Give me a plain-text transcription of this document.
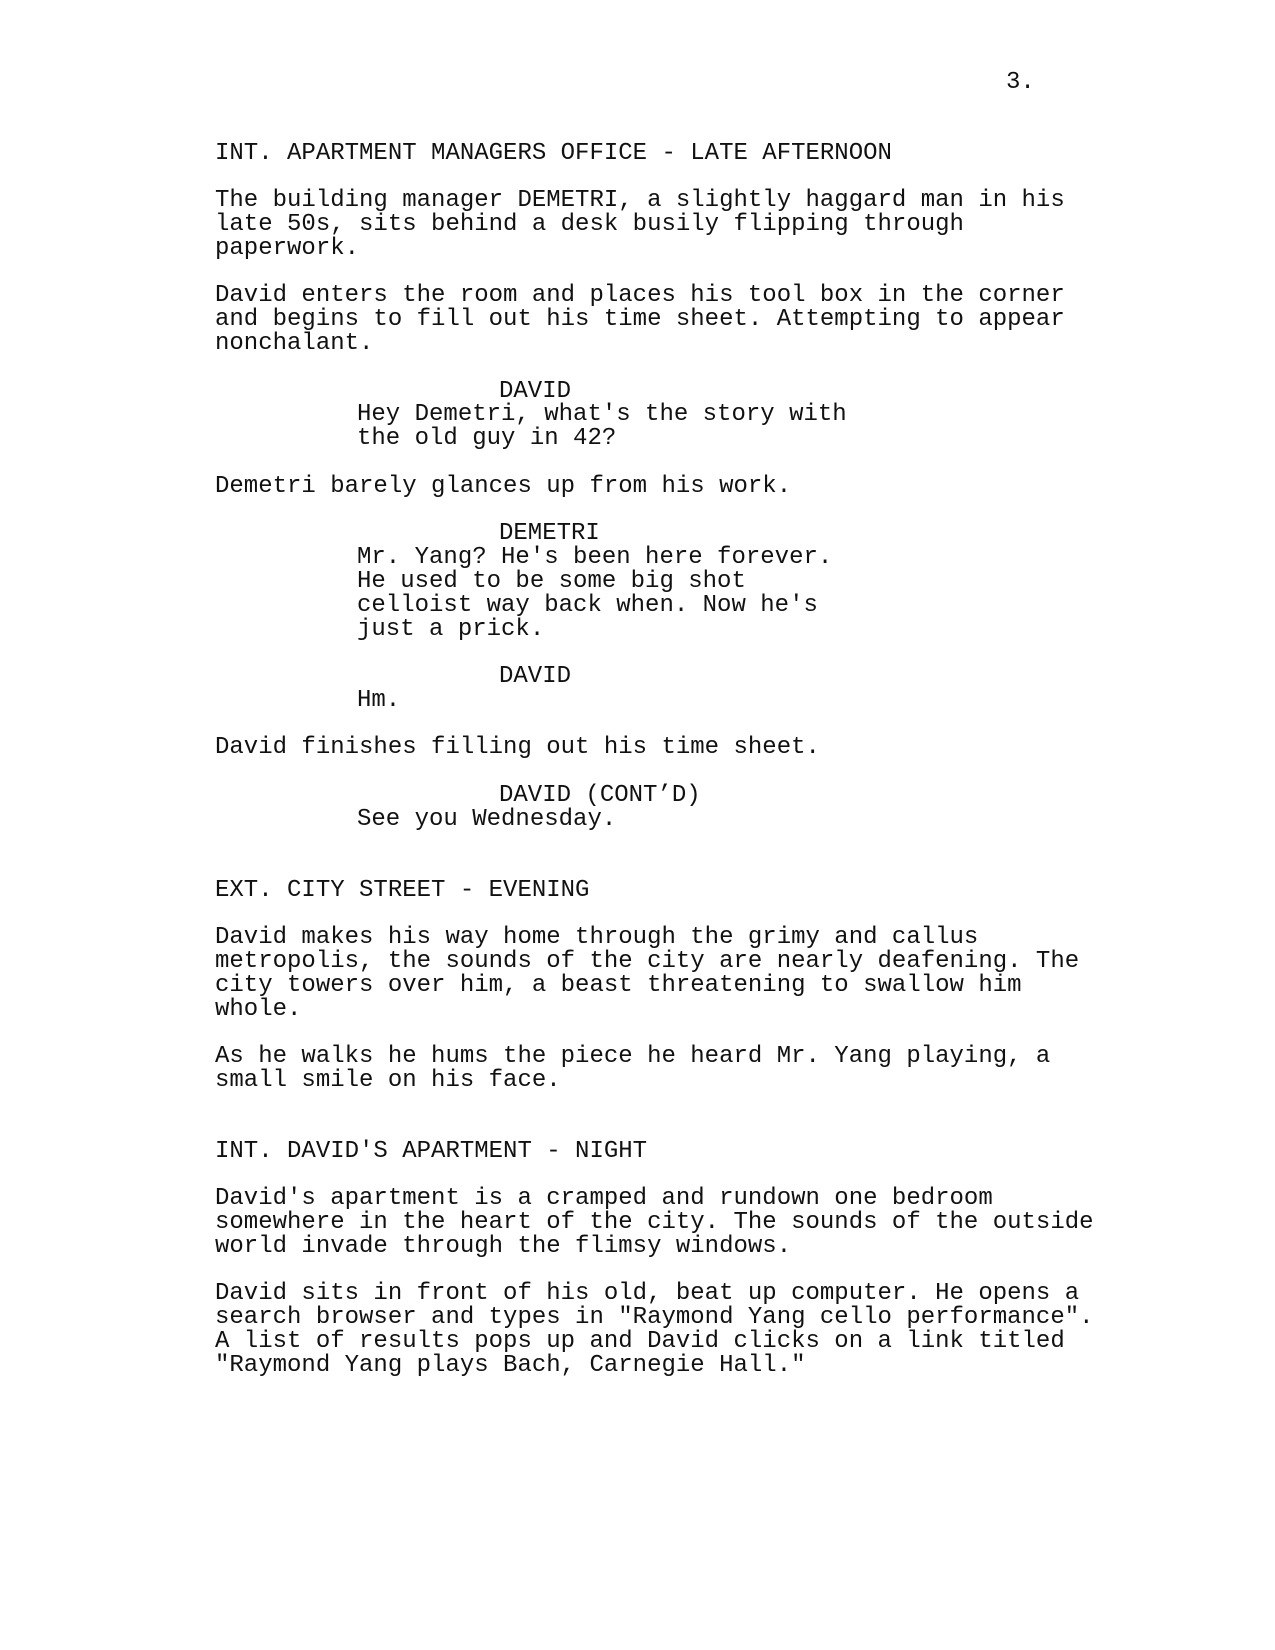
3.
INT. APARTMENT MANAGERS OFFICE - LATE AFTERNOON
The building manager DEMETRI, a slightly haggard man in his
late 50s, sits behind a desk busily flipping through
paperwork.
David enters the room and places his tool box in the corner
and begins to fill out his time sheet. Attempting to appear
nonchalant.
DAVID
Hey Demetri, what's the story with
the old guy in 42?
Demetri barely glances up from his work.
DEMETRI
Mr. Yang? He's been here forever.
He used to be some big shot
celloist way back when. Now he's
just a prick.
DAVID
Hm.
David finishes filling out his time sheet.
DAVID (CONT’D)
See you Wednesday.
EXT. CITY STREET - EVENING
David makes his way home through the grimy and callus
metropolis, the sounds of the city are nearly deafening. The
city towers over him, a beast threatening to swallow him
whole.
As he walks he hums the piece he heard Mr. Yang playing, a
small smile on his face.
INT. DAVID'S APARTMENT - NIGHT
David's apartment is a cramped and rundown one bedroom
somewhere in the heart of the city. The sounds of the outside
world invade through the flimsy windows.
David sits in front of his old, beat up computer. He opens a
search browser and types in "Raymond Yang cello performance".
A list of results pops up and David clicks on a link titled
"Raymond Yang plays Bach, Carnegie Hall."
